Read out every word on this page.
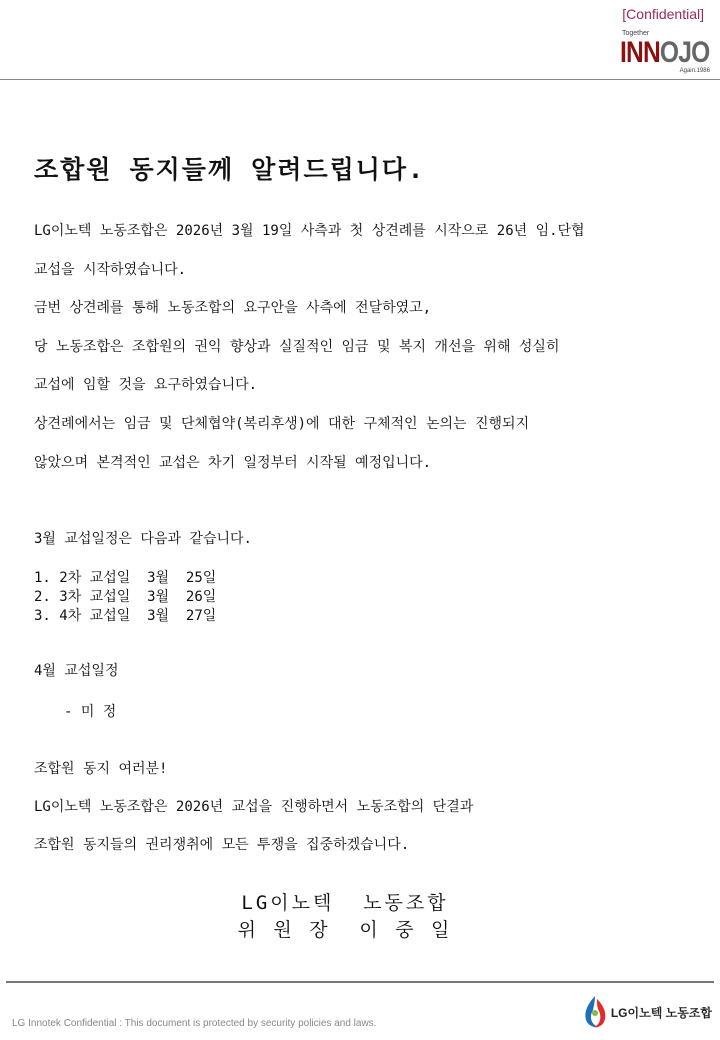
[Confidential]
Together
INNOJO
Again.1986
조합원 동지들께 알려드립니다.
LG이노텍 노동조합은 2026년 3월 19일 사측과 첫 상견례를 시작으로 26년 임.단협
교섭을 시작하였습니다.
금번 상견례를 통해 노동조합의 요구안을 사측에 전달하였고,
당 노동조합은 조합원의 권익 향상과 실질적인 임금 및 복지 개선을 위해 성실히
교섭에 임할 것을 요구하였습니다.
상견례에서는 임금 및 단체협약(복리후생)에 대한 구체적인 논의는 진행되지
않았으며 본격적인 교섭은 차기 일정부터 시작될 예정입니다.
3월 교섭일정은 다음과 같습니다.
1. 2차 교섭일  3월  25일
2. 3차 교섭일  3월  26일
3. 4차 교섭일  3월  27일
4월 교섭일정
- 미 정
조합원 동지 여러분!
LG이노텍 노동조합은 2026년 교섭을 진행하면서 노동조합의 단결과
조합원 동지들의 권리쟁취에 모든 투쟁을 집중하겠습니다.
LG이노텍  노동조합
위 원 장  이 중 일
LG Innotek Confidential : This document is protected by security policies and laws.
LG이노텍 노동조합
